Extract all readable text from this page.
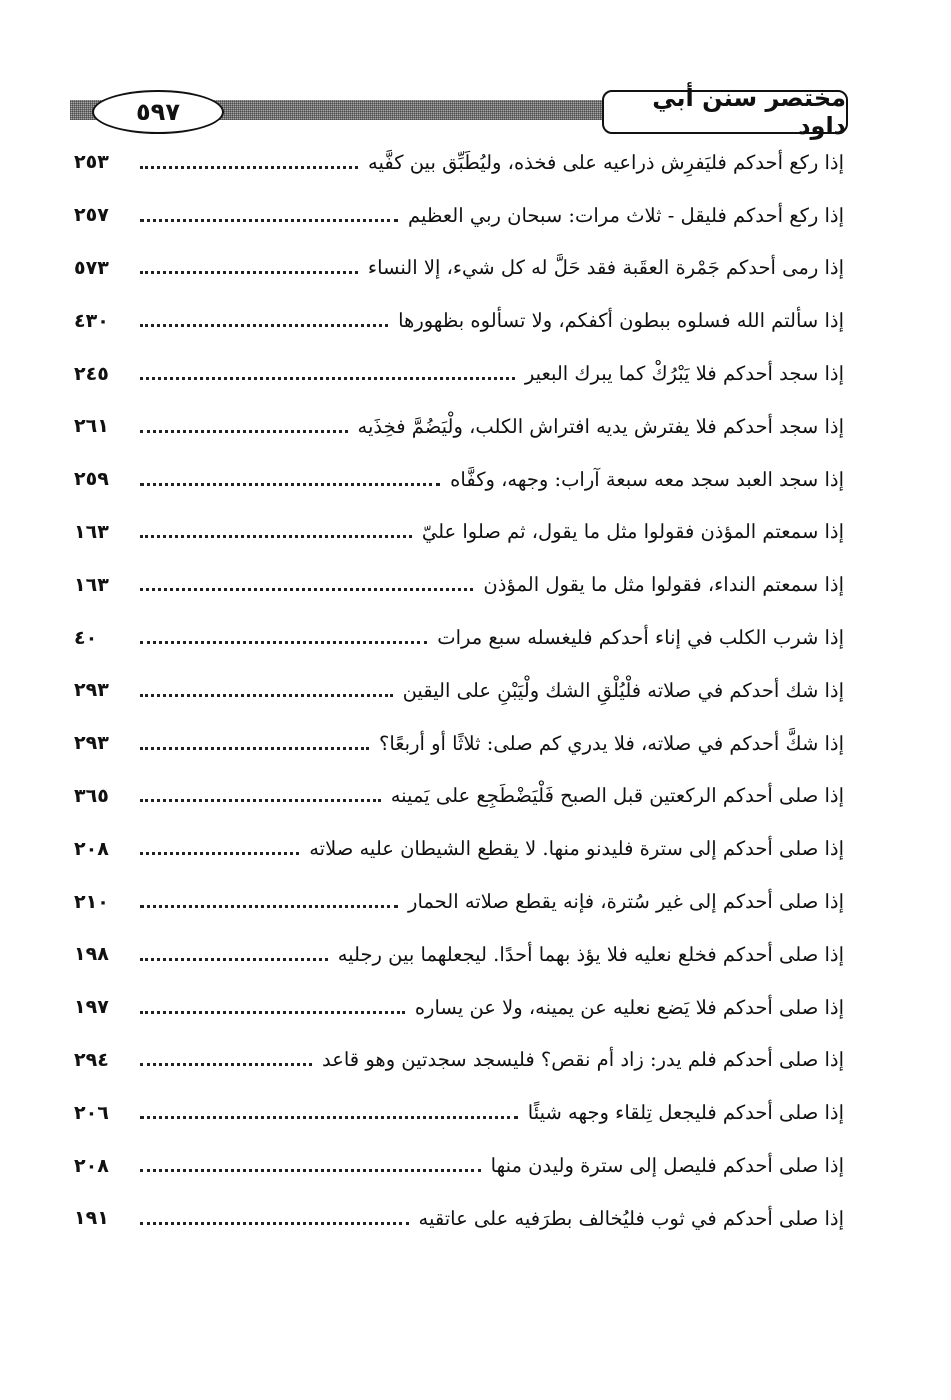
٥٩٧	مختصر سنن أبي داود
إذا ركع أحدكم فليَفرِش ذراعيه على فخذه، وليُطَبِّق بين كفَّيه
٢٥٣
إذا ركع أحدكم فليقل - ثلاث مرات: سبحان ربي العظيم
٢٥٧
إذا رمى أحدكم جَمْرة العقَبة فقد حَلَّ له كل شيء، إلا النساء
٥٧٣
إذا سألتم الله فسلوه ببطون أكفكم، ولا تسألوه بظهورها
٤٣٠
إذا سجد أحدكم فلا يَبْرُكْ كما يبرك البعير
٢٤٥
إذا سجد أحدكم فلا يفترش يديه افتراش الكلب، ولْيَضُمَّ فخِذَيه
٢٦١
إذا سجد العبد سجد معه سبعة آراب: وجهه، وكفَّاه
٢٥٩
إذا سمعتم المؤذن فقولوا مثل ما يقول، ثم صلوا عليّ
١٦٣
إذا سمعتم النداء، فقولوا مثل ما يقول المؤذن
١٦٣
إذا شرب الكلب في إناء أحدكم فليغسله سبع مرات
٤٠
إذا شك أحدكم في صلاته فلْيُلْقِ الشك ولْيَبْنِ على اليقين
٢٩٣
إذا شكَّ أحدكم في صلاته، فلا يدري كم صلى: ثلاثًا أو أربعًا؟
٢٩٣
إذا صلى أحدكم الركعتين قبل الصبح فَلْيَضْطَجِع على يَمينه
٣٦٥
إذا صلى أحدكم إلى سترة فليدنو منها. لا يقطع الشيطان عليه صلاته
٢٠٨
إذا صلى أحدكم إلى غير سُترة، فإنه يقطع صلاته الحمار
٢١٠
إذا صلى أحدكم فخلع نعليه فلا يؤذ بهما أحدًا. ليجعلهما بين رجليه
١٩٨
إذا صلى أحدكم فلا يَضع نعليه عن يمينه، ولا عن يساره
١٩٧
إذا صلى أحدكم فلم يدر: زاد أم نقص؟ فليسجد سجدتين وهو قاعد
٢٩٤
إذا صلى أحدكم فليجعل تِلقاء وجهه شيئًا
٢٠٦
إذا صلى أحدكم فليصل إلى سترة وليدن منها
٢٠٨
إذا صلى أحدكم في ثوب فليُخالف بطرَفيه على عاتقيه
١٩١
